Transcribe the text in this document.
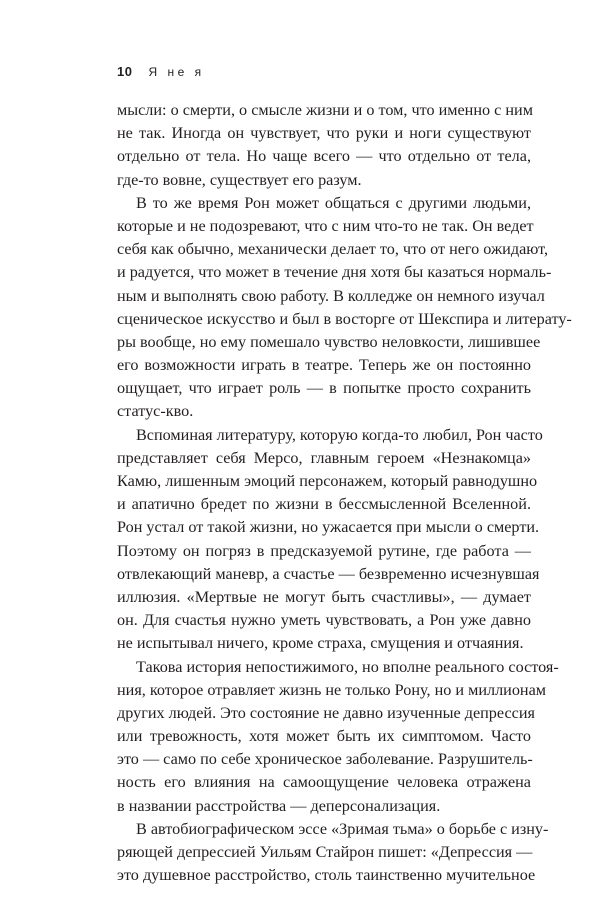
10 Я не я
мысли: о смерти, о смысле жизни и о том, что именно с ним
не так. Иногда он чувствует, что руки и ноги существуют
отдельно от тела. Но чаще всего — что отдельно от тела,
где-то вовне, существует его разум.
В то же время Рон может общаться с другими людьми,
которые и не подозревают, что с ним что-то не так. Он ведет
себя как обычно, механически делает то, что от него ожидают,
и радуется, что может в течение дня хотя бы казаться нормаль-
ным и выполнять свою работу. В колледже он немного изучал
сценическое искусство и был в восторге от Шекспира и литерату-
ры вообще, но ему помешало чувство неловкости, лишившее
его возможности играть в театре. Теперь же он постоянно
ощущает, что играет роль — в попытке просто сохранить
статус-кво.
Вспоминая литературу, которую когда-то любил, Рон часто
представляет себя Мерсо, главным героем «Незнакомца»
Камю, лишенным эмоций персонажем, который равнодушно
и апатично бредет по жизни в бессмысленной Вселенной.
Рон устал от такой жизни, но ужасается при мысли о смерти.
Поэтому он погряз в предсказуемой рутине, где работа —
отвлекающий маневр, а счастье — безвременно исчезнувшая
иллюзия. «Мертвые не могут быть счастливы», — думает
он. Для счастья нужно уметь чувствовать, а Рон уже давно
не испытывал ничего, кроме страха, смущения и отчаяния.
Такова история непостижимого, но вполне реального состоя-
ния, которое отравляет жизнь не только Рону, но и миллионам
других людей. Это состояние не давно изученные депрессия
или тревожность, хотя может быть их симптомом. Часто
это — само по себе хроническое заболевание. Разрушитель-
ность его влияния на самоощущение человека отражена
в названии расстройства — деперсонализация.
В автобиографическом эссе «Зримая тьма» о борьбе с изну-
ряющей депрессией Уильям Стайрон пишет: «Депрессия —
это душевное расстройство, столь таинственно мучительное
